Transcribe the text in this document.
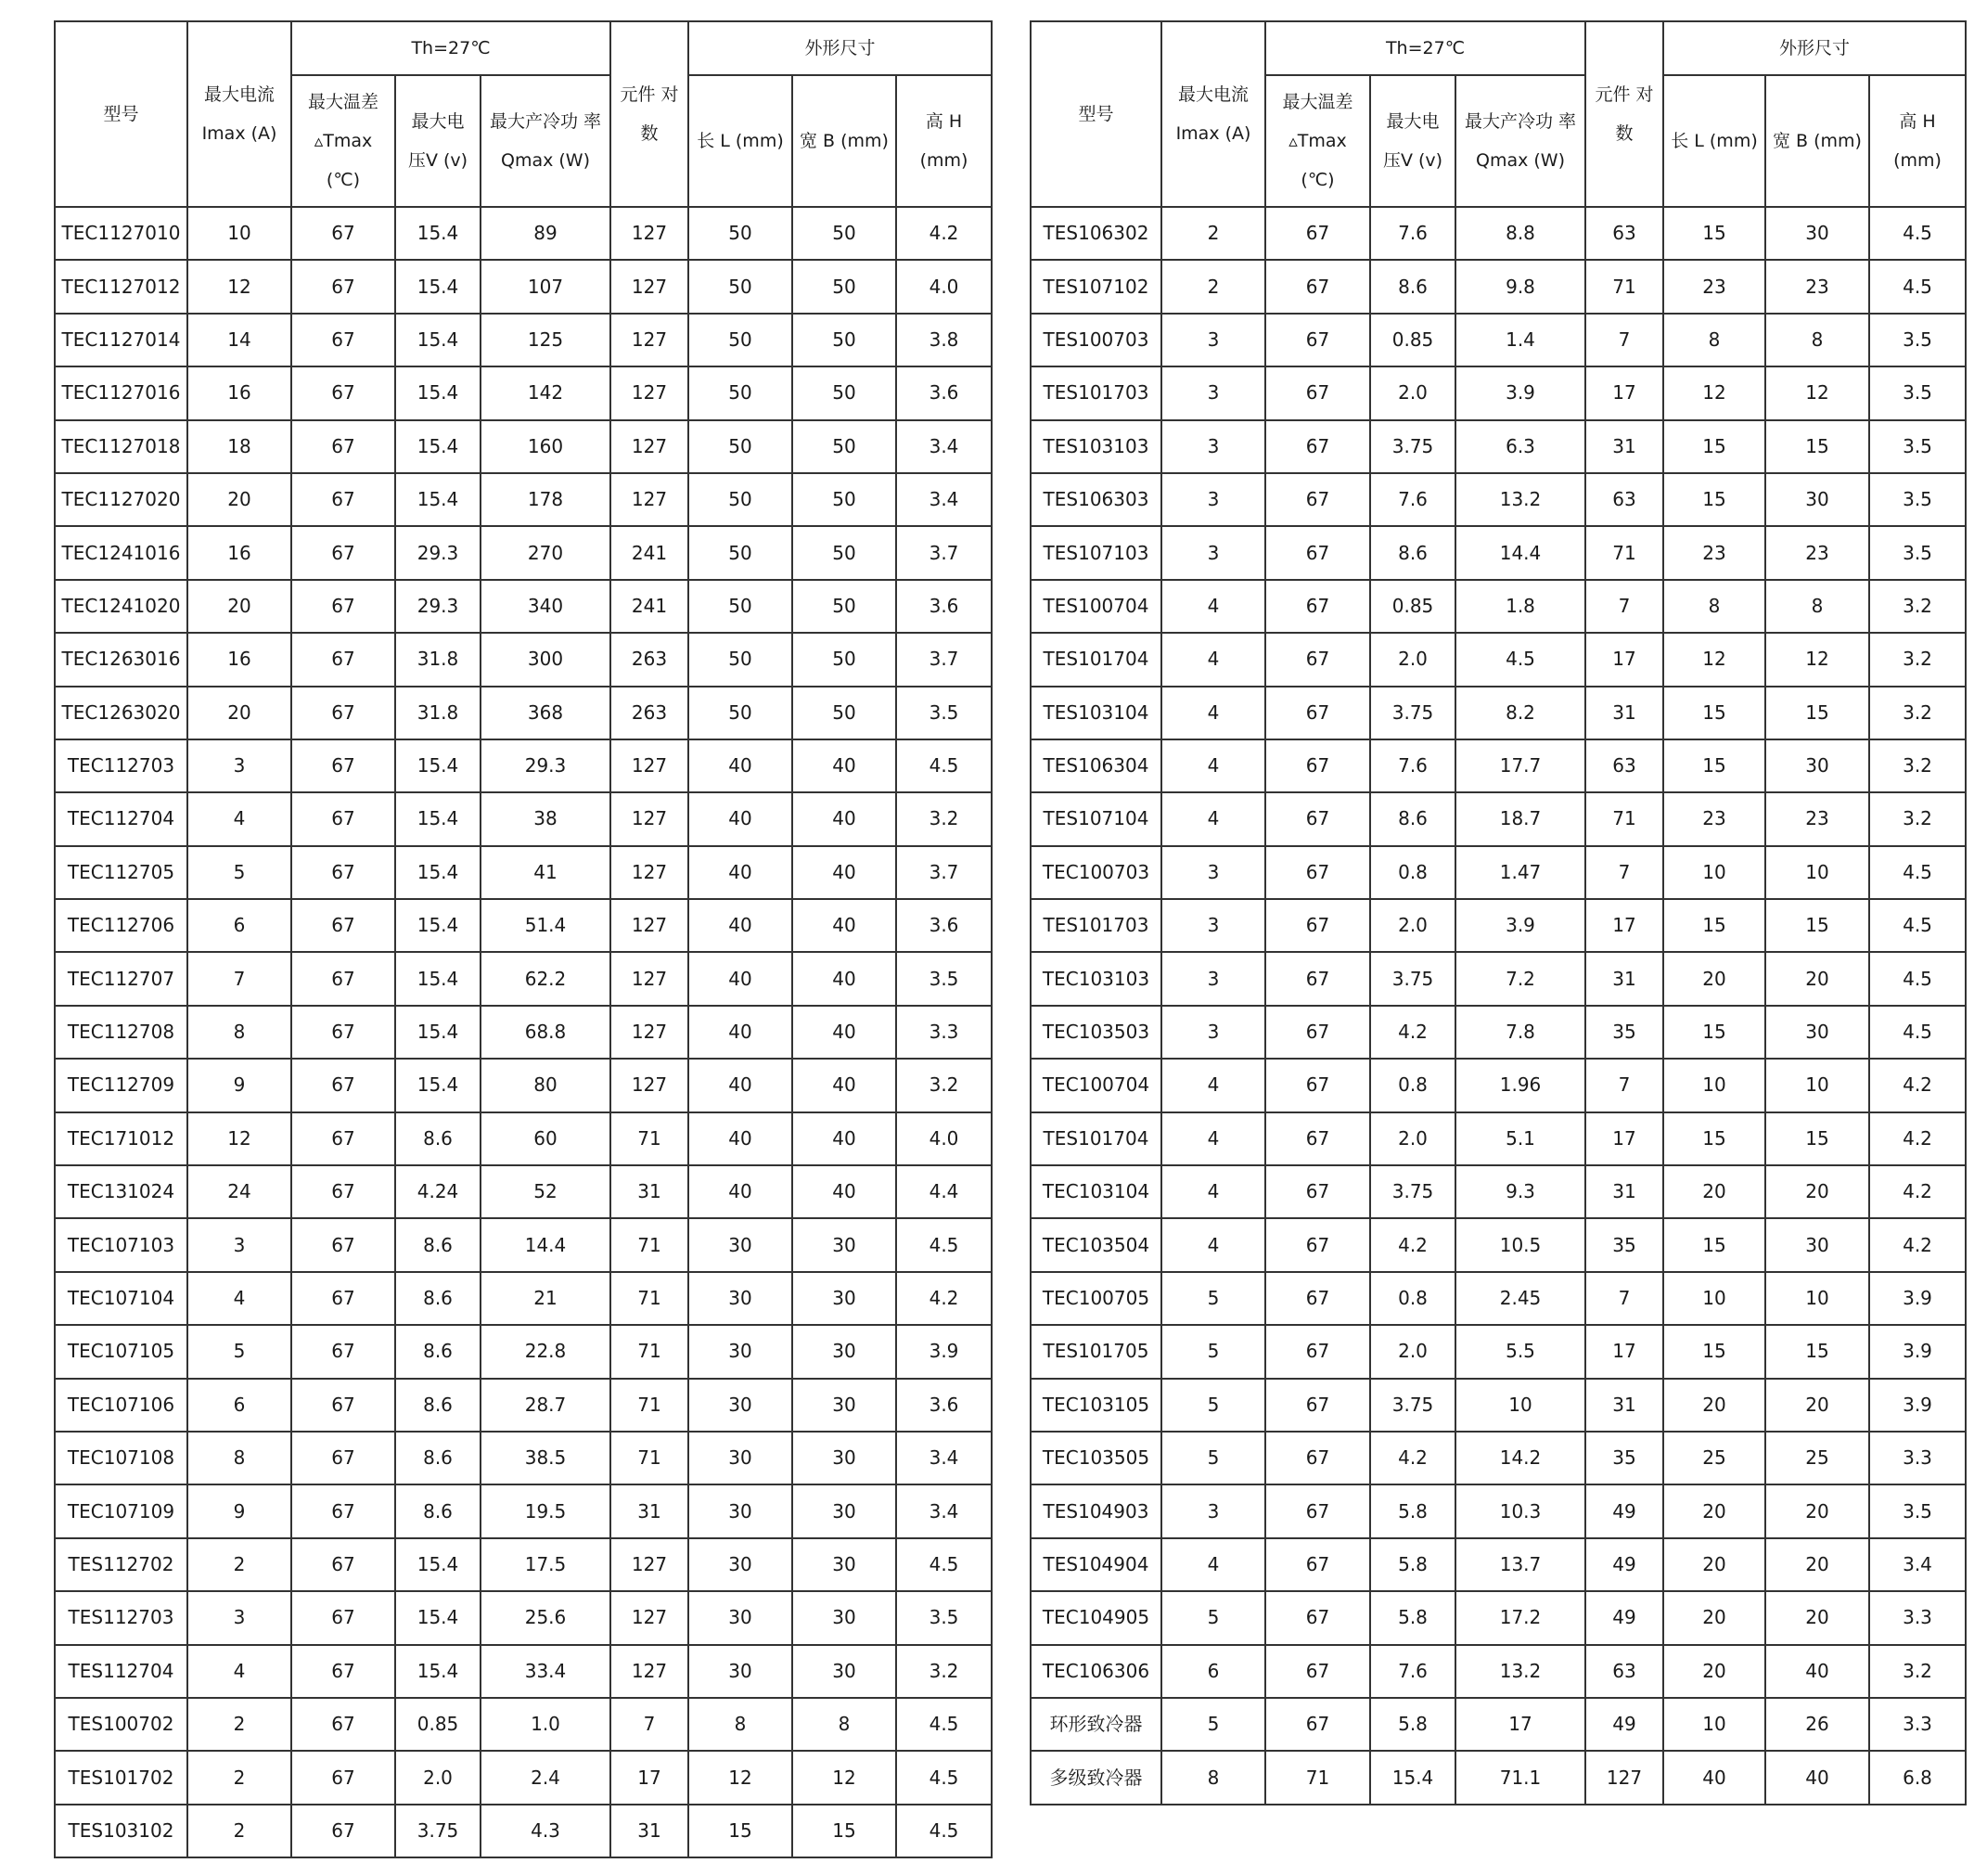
型号	最大电流 Imax (A)	Th=27℃			元件 对数	外形尺寸		

		最大温差 ▵Tmax (℃)	最大电 压V (v)	最大产冷功 率 Qmax (W)		长 L (mm)	宽 B (mm)	高 H (mm)

TEC1127010	10	67	15.4	89	127	50	50	4.2
TEC1127012	12	67	15.4	107	127	50	50	4.0
TEC1127014	14	67	15.4	125	127	50	50	3.8
TEC1127016	16	67	15.4	142	127	50	50	3.6
TEC1127018	18	67	15.4	160	127	50	50	3.4
TEC1127020	20	67	15.4	178	127	50	50	3.4
TEC1241016	16	67	29.3	270	241	50	50	3.7
TEC1241020	20	67	29.3	340	241	50	50	3.6
TEC1263016	16	67	31.8	300	263	50	50	3.7
TEC1263020	20	67	31.8	368	263	50	50	3.5
TEC112703	3	67	15.4	29.3	127	40	40	4.5
TEC112704	4	67	15.4	38	127	40	40	3.2
TEC112705	5	67	15.4	41	127	40	40	3.7
TEC112706	6	67	15.4	51.4	127	40	40	3.6
TEC112707	7	67	15.4	62.2	127	40	40	3.5
TEC112708	8	67	15.4	68.8	127	40	40	3.3
TEC112709	9	67	15.4	80	127	40	40	3.2
TEC171012	12	67	8.6	60	71	40	40	4.0
TEC131024	24	67	4.24	52	31	40	40	4.4
TEC107103	3	67	8.6	14.4	71	30	30	4.5
TEC107104	4	67	8.6	21	71	30	30	4.2
TEC107105	5	67	8.6	22.8	71	30	30	3.9
TEC107106	6	67	8.6	28.7	71	30	30	3.6
TEC107108	8	67	8.6	38.5	71	30	30	3.4
TEC107109	9	67	8.6	19.5	31	30	30	3.4
TES112702	2	67	15.4	17.5	127	30	30	4.5
TES112703	3	67	15.4	25.6	127	30	30	3.5
TES112704	4	67	15.4	33.4	127	30	30	3.2
TES100702	2	67	0.85	1.0	7	8	8	4.5
TES101702	2	67	2.0	2.4	17	12	12	4.5
TES103102	2	67	3.75	4.3	31	15	15	4.5
型号	最大电流 Imax (A)	Th=27℃			元件 对数	外形尺寸		

		最大温差 ▵Tmax (℃)	最大电 压V (v)	最大产冷功 率 Qmax (W)		长 L (mm)	宽 B (mm)	高 H (mm)

TES106302	2	67	7.6	8.8	63	15	30	4.5
TES107102	2	67	8.6	9.8	71	23	23	4.5
TES100703	3	67	0.85	1.4	7	8	8	3.5
TES101703	3	67	2.0	3.9	17	12	12	3.5
TES103103	3	67	3.75	6.3	31	15	15	3.5
TES106303	3	67	7.6	13.2	63	15	30	3.5
TES107103	3	67	8.6	14.4	71	23	23	3.5
TES100704	4	67	0.85	1.8	7	8	8	3.2
TES101704	4	67	2.0	4.5	17	12	12	3.2
TES103104	4	67	3.75	8.2	31	15	15	3.2
TES106304	4	67	7.6	17.7	63	15	30	3.2
TES107104	4	67	8.6	18.7	71	23	23	3.2
TEC100703	3	67	0.8	1.47	7	10	10	4.5
TES101703	3	67	2.0	3.9	17	15	15	4.5
TEC103103	3	67	3.75	7.2	31	20	20	4.5
TEC103503	3	67	4.2	7.8	35	15	30	4.5
TEC100704	4	67	0.8	1.96	7	10	10	4.2
TES101704	4	67	2.0	5.1	17	15	15	4.2
TEC103104	4	67	3.75	9.3	31	20	20	4.2
TEC103504	4	67	4.2	10.5	35	15	30	4.2
TEC100705	5	67	0.8	2.45	7	10	10	3.9
TES101705	5	67	2.0	5.5	17	15	15	3.9
TEC103105	5	67	3.75	10	31	20	20	3.9
TEC103505	5	67	4.2	14.2	35	25	25	3.3
TES104903	3	67	5.8	10.3	49	20	20	3.5
TES104904	4	67	5.8	13.7	49	20	20	3.4
TEC104905	5	67	5.8	17.2	49	20	20	3.3
TEC106306	6	67	7.6	13.2	63	20	40	3.2
环形致冷器	5	67	5.8	17	49	10	26	3.3
多级致冷器	8	71	15.4	71.1	127	40	40	6.8
